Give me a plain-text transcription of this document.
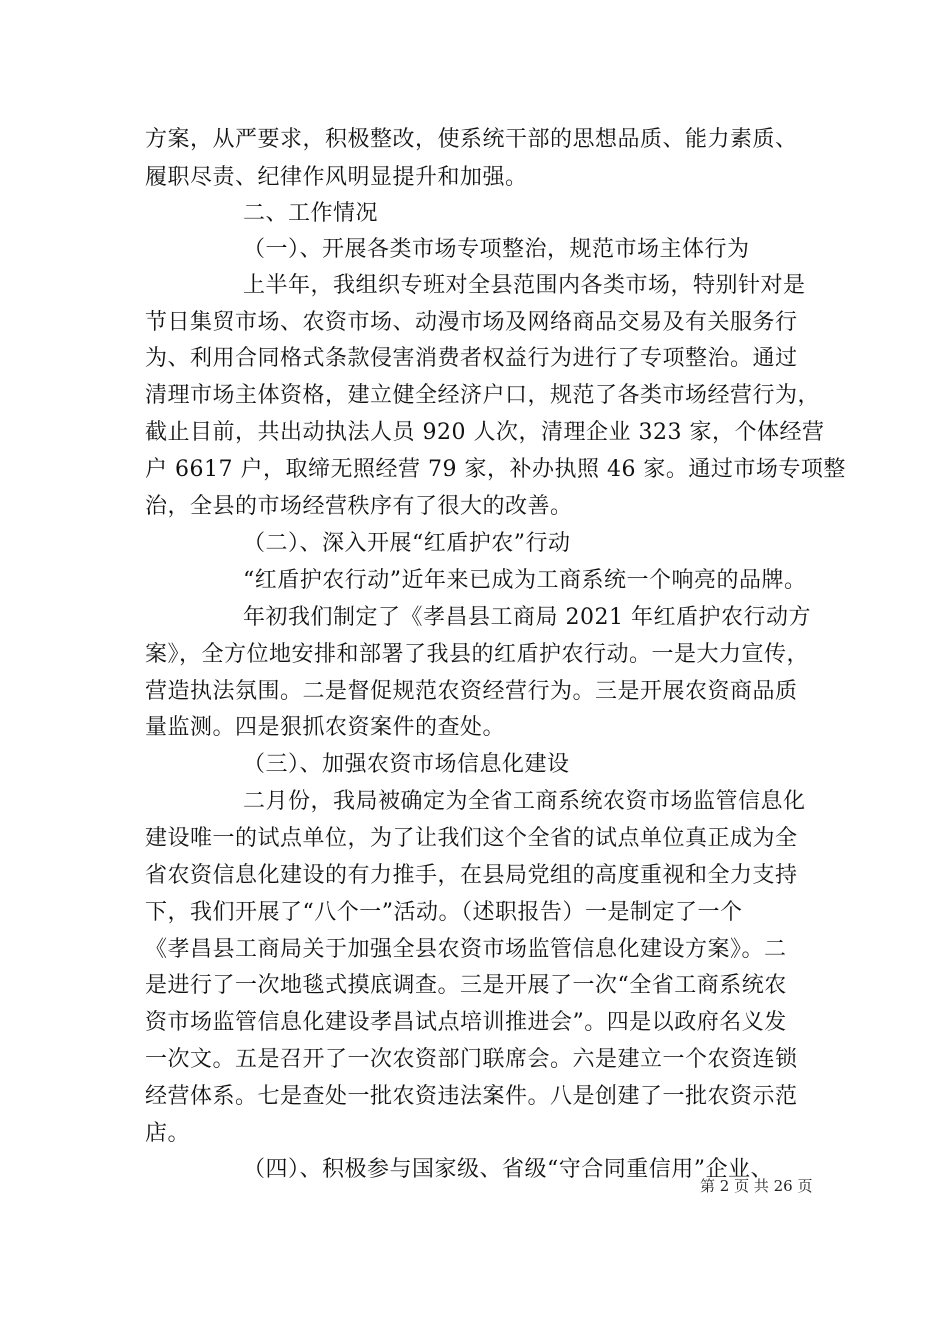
方案，从严要求，积极整改，使系统干部的思想品质、能力素质、
履职尽责、纪律作风明显提升和加强。
二、工作情况
（一）、开展各类市场专项整治，规范市场主体行为
上半年，我组织专班对全县范围内各类市场，特别针对是
节日集贸市场、农资市场、动漫市场及网络商品交易及有关服务行
为、利用合同格式条款侵害消费者权益行为进行了专项整治。通过
清理市场主体资格，建立健全经济户口，规范了各类市场经营行为，
截止目前，共出动执法人员 920 人次，清理企业 323 家，个体经营
户 6617 户，取缔无照经营 79 家，补办执照 46 家。通过市场专项整
治，全县的市场经营秩序有了很大的改善。
（二）、深入开展“红盾护农”行动
“红盾护农行动”近年来已成为工商系统一个响亮的品牌。
年初我们制定了《孝昌县工商局 2021 年红盾护农行动方
案》，全方位地安排和部署了我县的红盾护农行动。一是大力宣传，
营造执法氛围。二是督促规范农资经营行为。三是开展农资商品质
量监测。四是狠抓农资案件的查处。
（三）、加强农资市场信息化建设
二月份，我局被确定为全省工商系统农资市场监管信息化
建设唯一的试点单位，为了让我们这个全省的试点单位真正成为全
省农资信息化建设的有力推手，在县局党组的高度重视和全力支持
下，我们开展了“八个一”活动。（述职报告）一是制定了一个
《孝昌县工商局关于加强全县农资市场监管信息化建设方案》。二
是进行了一次地毯式摸底调查。三是开展了一次“全省工商系统农
资市场监管信息化建设孝昌试点培训推进会”。四是以政府名义发
一次文。五是召开了一次农资部门联席会。六是建立一个农资连锁
经营体系。七是查处一批农资违法案件。八是创建了一批农资示范
店。
（四）、积极参与国家级、省级“守合同重信用”企业、
第 2 页 共 26 页
